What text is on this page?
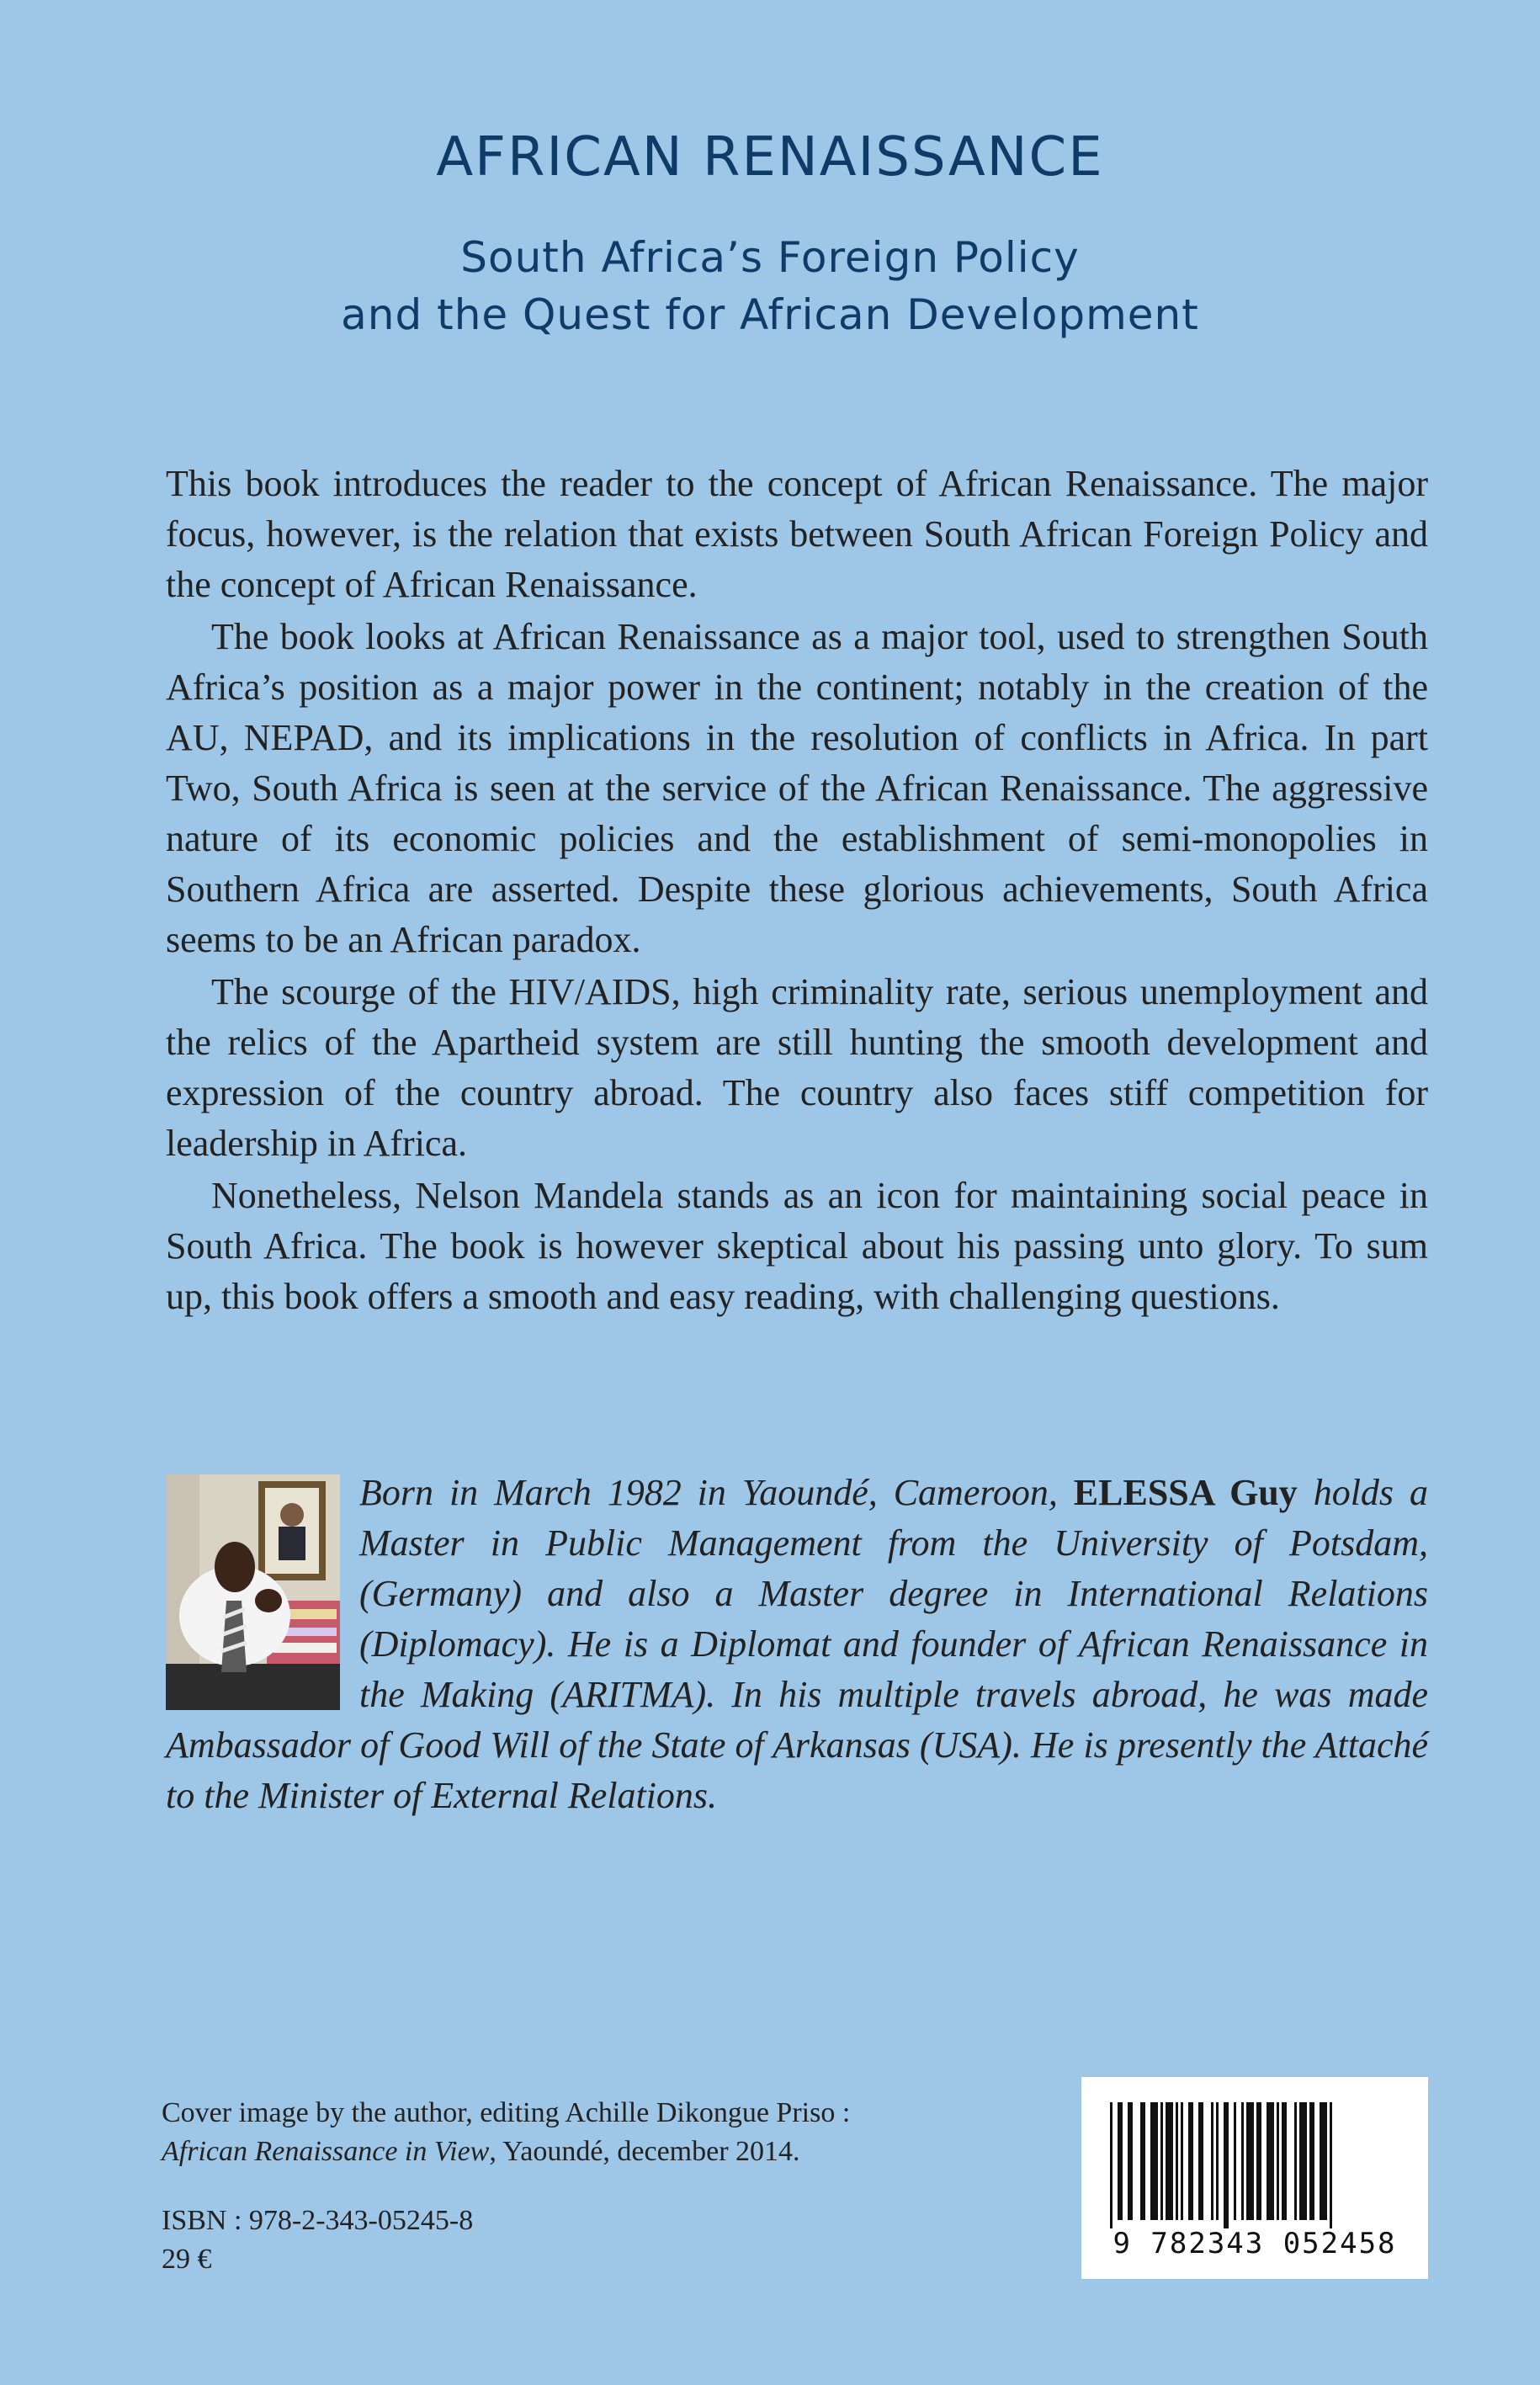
AFRICAN RENAISSANCE
South Africa’s Foreign Policy
and the Quest for African Development

This book introduces the reader to the concept of African Renaissance. The major focus, however, is the relation that exists between South African Foreign Policy and the concept of African Renaissance.

The book looks at African Renaissance as a major tool, used to strengthen South Africa’s position as a major power in the continent; notably in the creation of the AU, NEPAD, and its implications in the resolution of conflicts in Africa. In part Two, South Africa is seen at the service of the African Renaissance. The aggressive nature of its economic policies and the establishment of semi-monopolies in Southern Africa are asserted. Despite these glorious achievements, South Africa seems to be an African paradox.

The scourge of the HIV/AIDS, high criminality rate, serious unemployment and the relics of the Apartheid system are still hunting the smooth development and expression of the country abroad. The country also faces stiff competition for leadership in Africa.

Nonetheless, Nelson Mandela stands as an icon for maintaining social peace in South Africa. The book is however skeptical about his passing unto glory. To sum up, this book offers a smooth and easy reading, with challenging questions.

Born in March 1982 in Yaoundé, Cameroon, ELESSA Guy holds a Master in Public Management from the University of Potsdam, (Germany) and also a Master degree in International Relations (Diplomacy). He is a Diplomat and founder of African Renaissance in the Making (ARITMA). In his multiple travels abroad, he was made Ambassador of Good Will of the State of Arkansas (USA). He is presently the Attaché to the Minister of External Relations.
Cover image by the author, editing Achille Dikongue Priso :
African Renaissance in View, Yaoundé, december 2014.
ISBN : 978-2-343-05245-8
29 €	9 782343 052458
